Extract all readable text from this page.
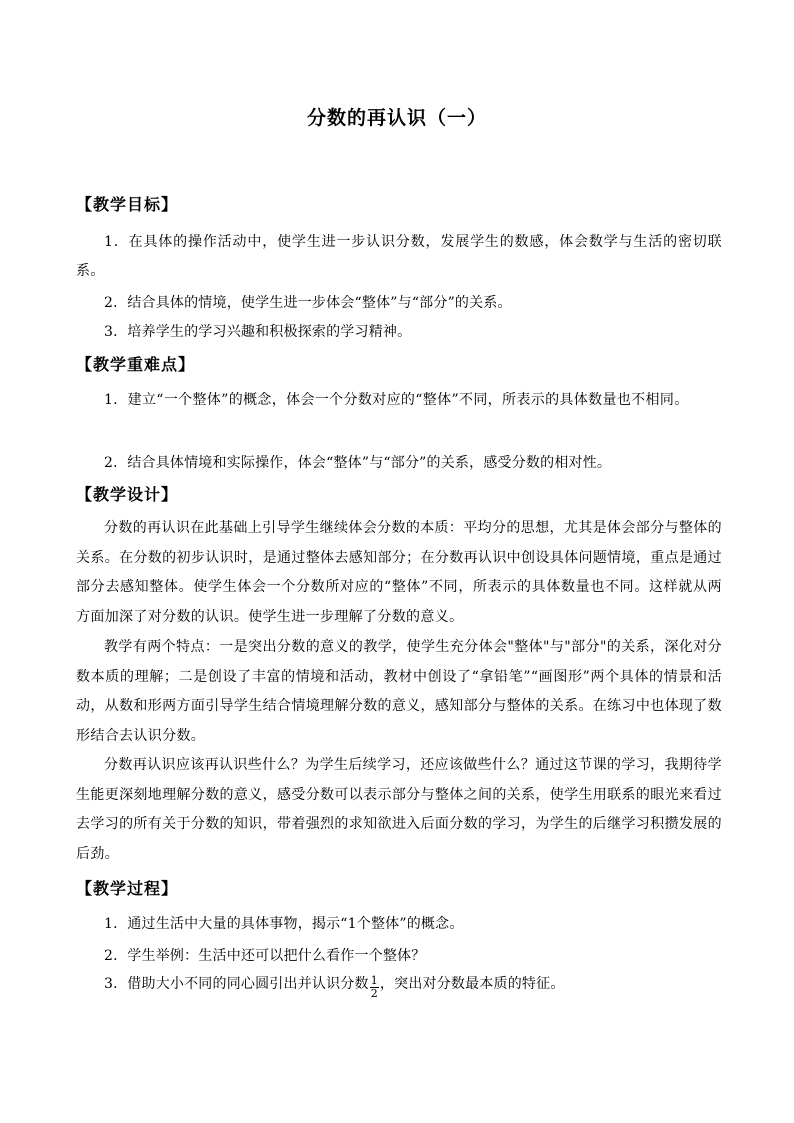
分数的再认识（一）
【教学目标】
1．在具体的操作活动中，使学生进一步认识分数，发展学生的数感，体会数学与生活的密切联系。
2．结合具体的情境，使学生进一步体会“整体”与“部分”的关系。
3．培养学生的学习兴趣和积极探索的学习精神。
【教学重难点】
1．建立“一个整体”的概念，体会一个分数对应的“整体”不同，所表示的具体数量也不相同。
2．结合具体情境和实际操作，体会“整体”与“部分”的关系，感受分数的相对性。
【教学设计】
分数的再认识在此基础上引导学生继续体会分数的本质：平均分的思想，尤其是体会部分与整体的关系。在分数的初步认识时，是通过整体去感知部分；在分数再认识中创设具体问题情境，重点是通过部分去感知整体。使学生体会一个分数所对应的“整体”不同，所表示的具体数量也不同。这样就从两方面加深了对分数的认识。使学生进一步理解了分数的意义。
教学有两个特点：一是突出分数的意义的教学，使学生充分体会"整体"与"部分"的关系，深化对分数本质的理解；二是创设了丰富的情境和活动，教材中创设了“拿铅笔”“画图形”两个具体的情景和活动，从数和形两方面引导学生结合情境理解分数的意义，感知部分与整体的关系。在练习中也体现了数形结合去认识分数。
分数再认识应该再认识些什么？为学生后续学习，还应该做些什么？通过这节课的学习，我期待学生能更深刻地理解分数的意义，感受分数可以表示部分与整体之间的关系，使学生用联系的眼光来看过去学习的所有关于分数的知识，带着强烈的求知欲进入后面分数的学习，为学生的后继学习积攒发展的后劲。
【教学过程】
1．通过生活中大量的具体事物，揭示“1个整体”的概念。
2．学生举例：生活中还可以把什么看作一个整体？
3．借助大小不同的同心圆引出并认识分数 $\frac{1}{2}$ ，突出对分数最本质的特征。
